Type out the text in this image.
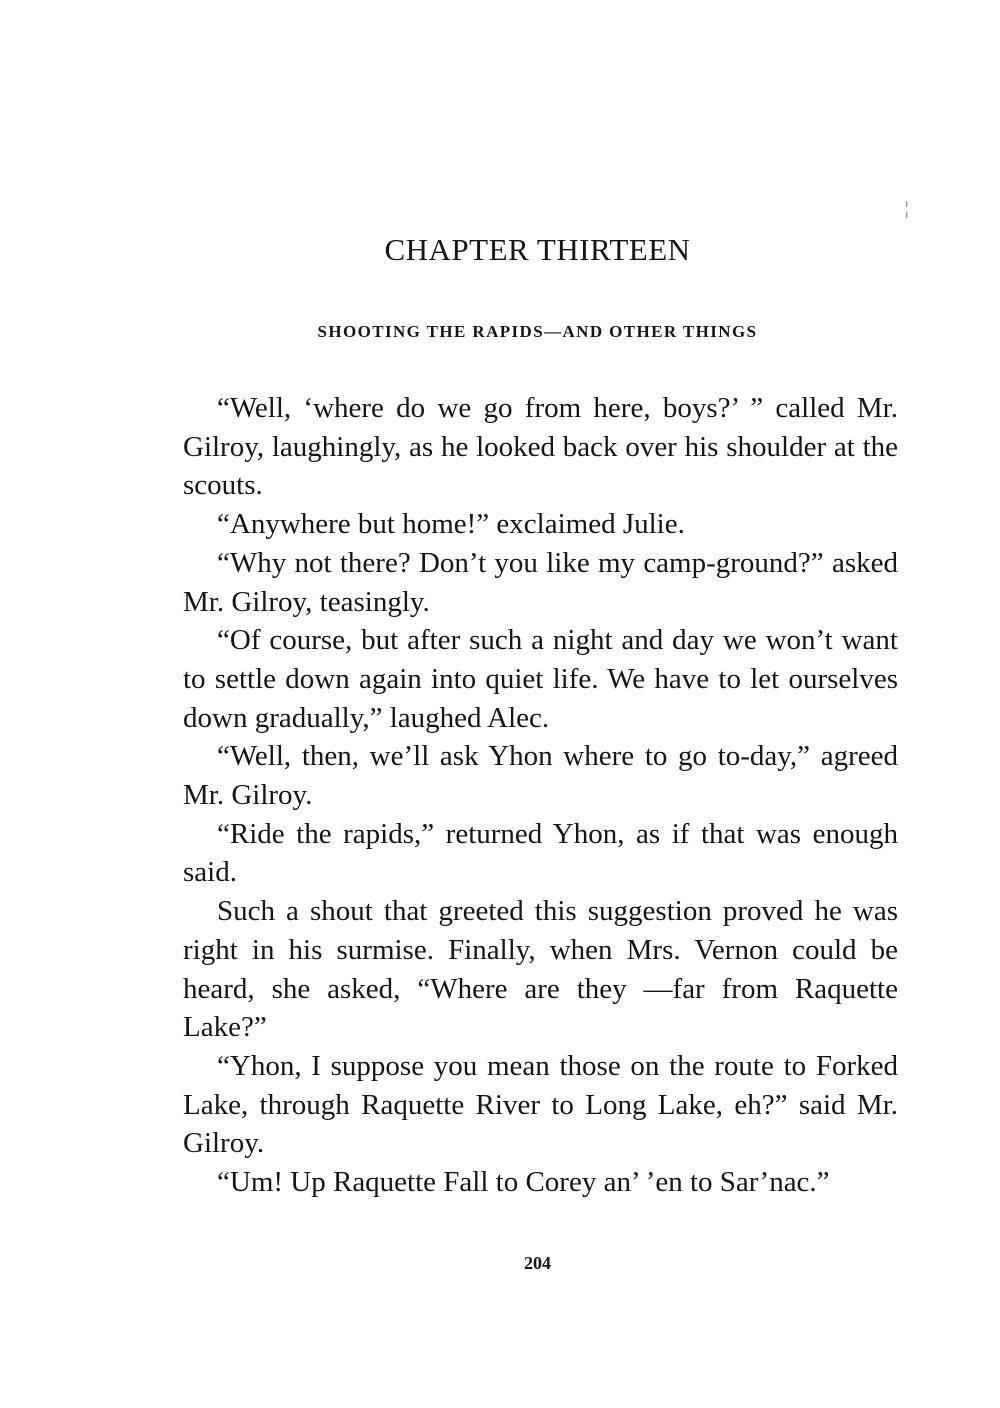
¦
CHAPTER THIRTEEN
SHOOTING THE RAPIDS—AND OTHER THINGS

“Well, ‘where do we go from here, boys?’ ” called Mr. Gilroy, laughingly, as he looked back over his shoulder at the scouts.

“Anywhere but home!” exclaimed Julie.

“Why not there? Don’t you like my camp-ground?” asked Mr. Gilroy, teasingly.

“Of course, but after such a night and day we won’t want to settle down again into quiet life. We have to let ourselves down gradually,” laughed Alec.

“Well, then, we’ll ask Yhon where to go to-day,” agreed Mr. Gilroy.

“Ride the rapids,” returned Yhon, as if that was enough said.

Such a shout that greeted this suggestion proved he was right in his surmise. Finally, when Mrs. Vernon could be heard, she asked, “Where are they —far from Raquette Lake?”

“Yhon, I suppose you mean those on the route to Forked Lake, through Raquette River to Long Lake, eh?” said Mr. Gilroy.

“Um! Up Raquette Fall to Corey an’ ’en to Sar’nac.”

204
